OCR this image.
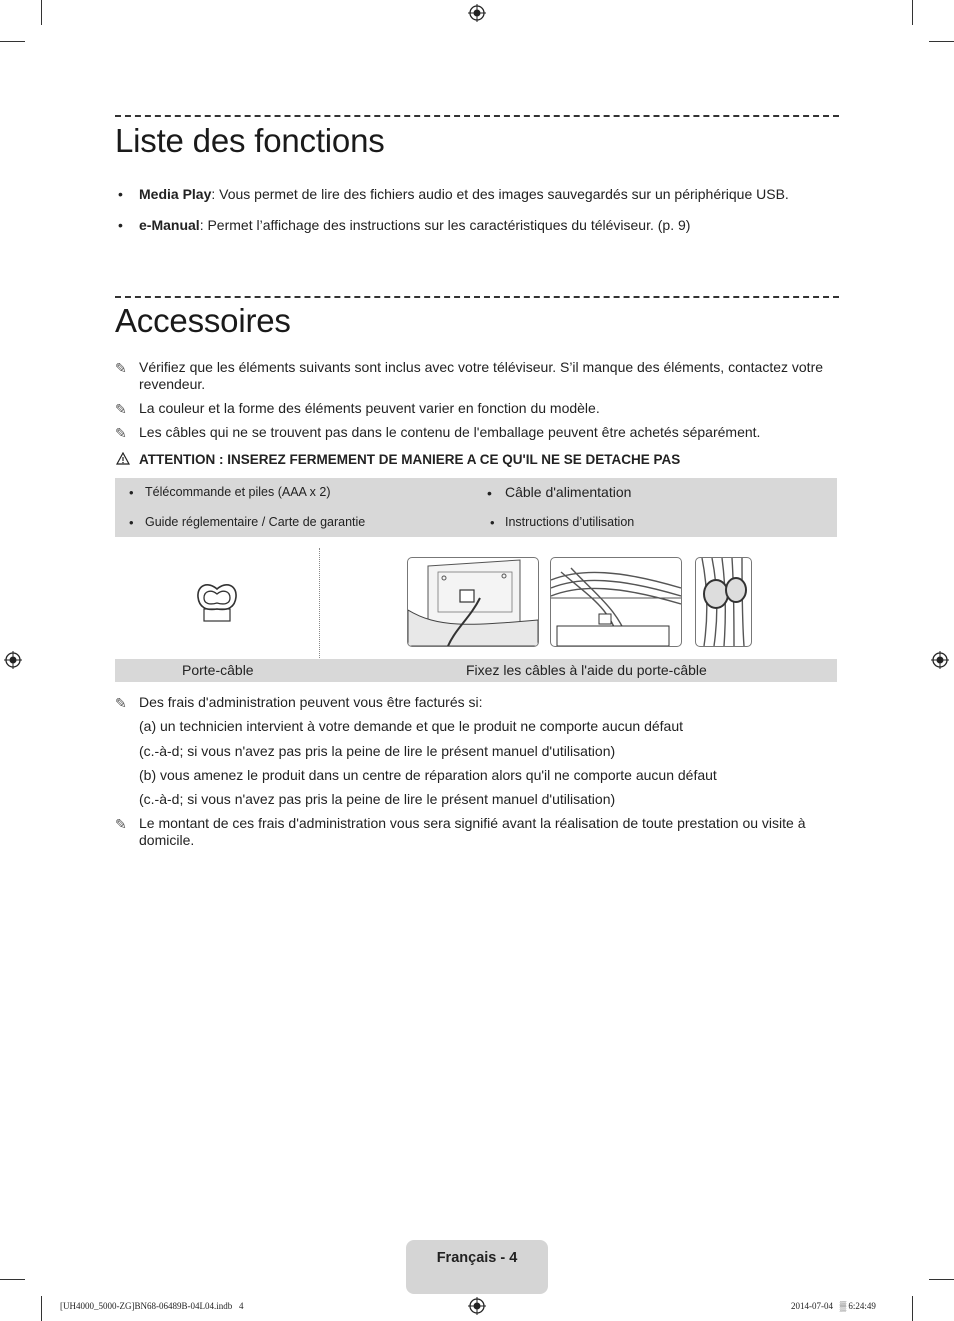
Liste des fonctions
• Media Play: Vous permet de lire des fichiers audio et des images sauvegardés sur un périphérique USB.
• e-Manual: Permet l’affichage des instructions sur les caractéristiques du téléviseur. (p. 9)
Accessoires
✎ Vérifiez que les éléments suivants sont inclus avec votre téléviseur. S’il manque des éléments, contactez votre revendeur.
✎ La couleur et la forme des éléments peuvent varier en fonction du modèle.
✎ Les câbles qui ne se trouvent pas dans le contenu de l'emballage peuvent être achetés séparément.
ATTENTION : INSEREZ FERMEMENT DE MANIERE A CE QU'IL NE SE DETACHE PAS
• Télécommande et piles (AAA x 2)	• Câble d'alimentation
• Guide réglementaire / Carte de garantie	• Instructions d’utilisation
Porte-câble	Fixez les câbles à l'aide du porte-câble
✎ Des frais d'administration peuvent vous être facturés si:
(a) un technicien intervient à votre demande et que le produit ne comporte aucun défaut
(c.-à-d; si vous n'avez pas pris la peine de lire le présent manuel d'utilisation)
(b) vous amenez le produit dans un centre de réparation alors qu'il ne comporte aucun défaut
(c.-à-d; si vous n'avez pas pris la peine de lire le présent manuel d'utilisation)
✎ Le montant de ces frais d'administration vous sera signifié avant la réalisation de toute prestation ou visite à domicile.
Français - 4
[UH4000_5000-ZG]BN68-06489B-04L04.indb   4	2014-07-04   ▒ 6:24:49
